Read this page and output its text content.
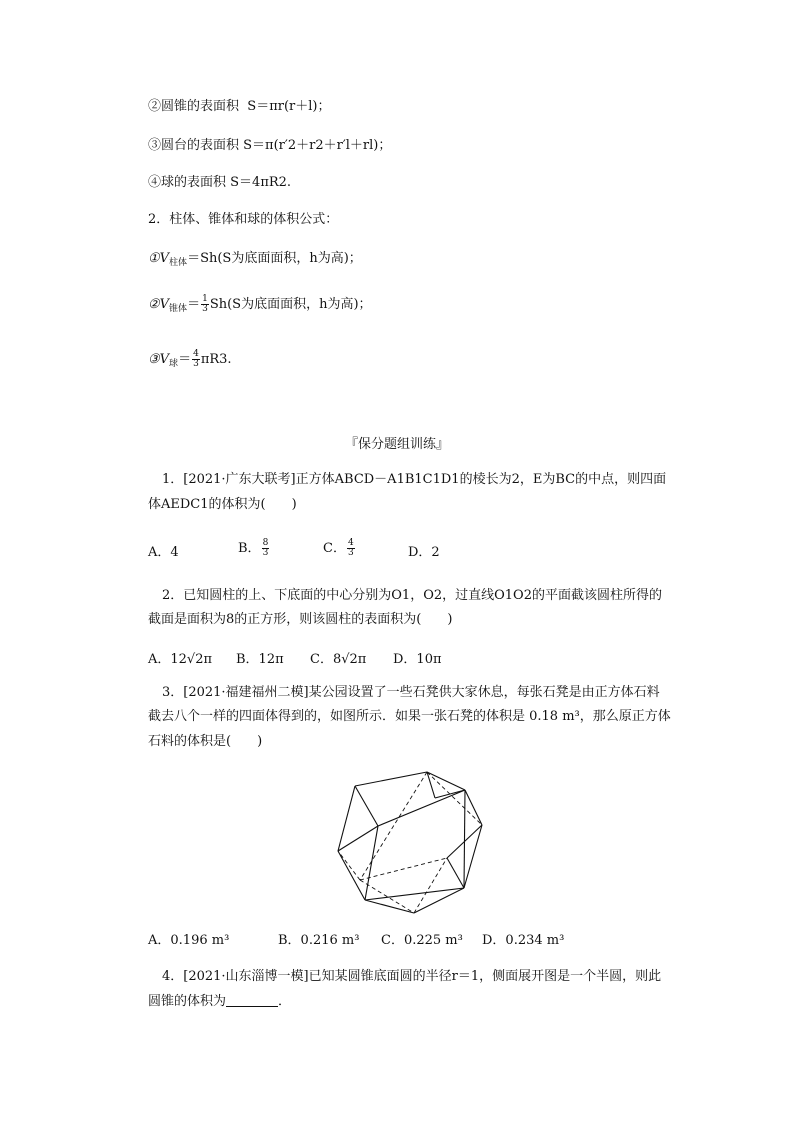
②圆锥的表面积 S＝πr(r＋l)；
③圆台的表面积 S＝π(r′2＋r2＋r′l＋rl)；
④球的表面积 S＝4πR2.
2．柱体、锥体和球的体积公式：
$①V_{柱体}=Sh(S$为底面面积，h为高)；
$②V_{锥体}= \frac{1}{3} Sh(S$为底面面积，h为高)；
$③V_球= \frac{4}{3} \pi R3$.
『保分题组训练』
1．[2021·广东大联考]正方体ABCD－A1B1C1D1的棱长为2，E为BC的中点，则四面
体AEDC1的体积为(　　)
A．4	B． $\frac{8}{3}$	C． $\frac{4}{3}$	D．2
2．已知圆柱的上、下底面的中心分别为O1，O2，过直线O1O2的平面截该圆柱所得的
截面是面积为8的正方形，则该圆柱的表面积为(　　)
A．12√2π B．12π C．8√2π D．10π
3．[2021·福建福州二模]某公园设置了一些石凳供大家休息，每张石凳是由正方体石料
截去八个一样的四面体得到的，如图所示．如果一张石凳的体积是 0.18 m³，那么原正方体
石料的体积是(　　)
A．0.196 m³	B．0.216 m³ C．0.225 m³ D．0.234 m³
4．[2021·山东淄博一模]已知某圆锥底面圆的半径r＝1，侧面展开图是一个半圆，则此
圆锥的体积为	．
